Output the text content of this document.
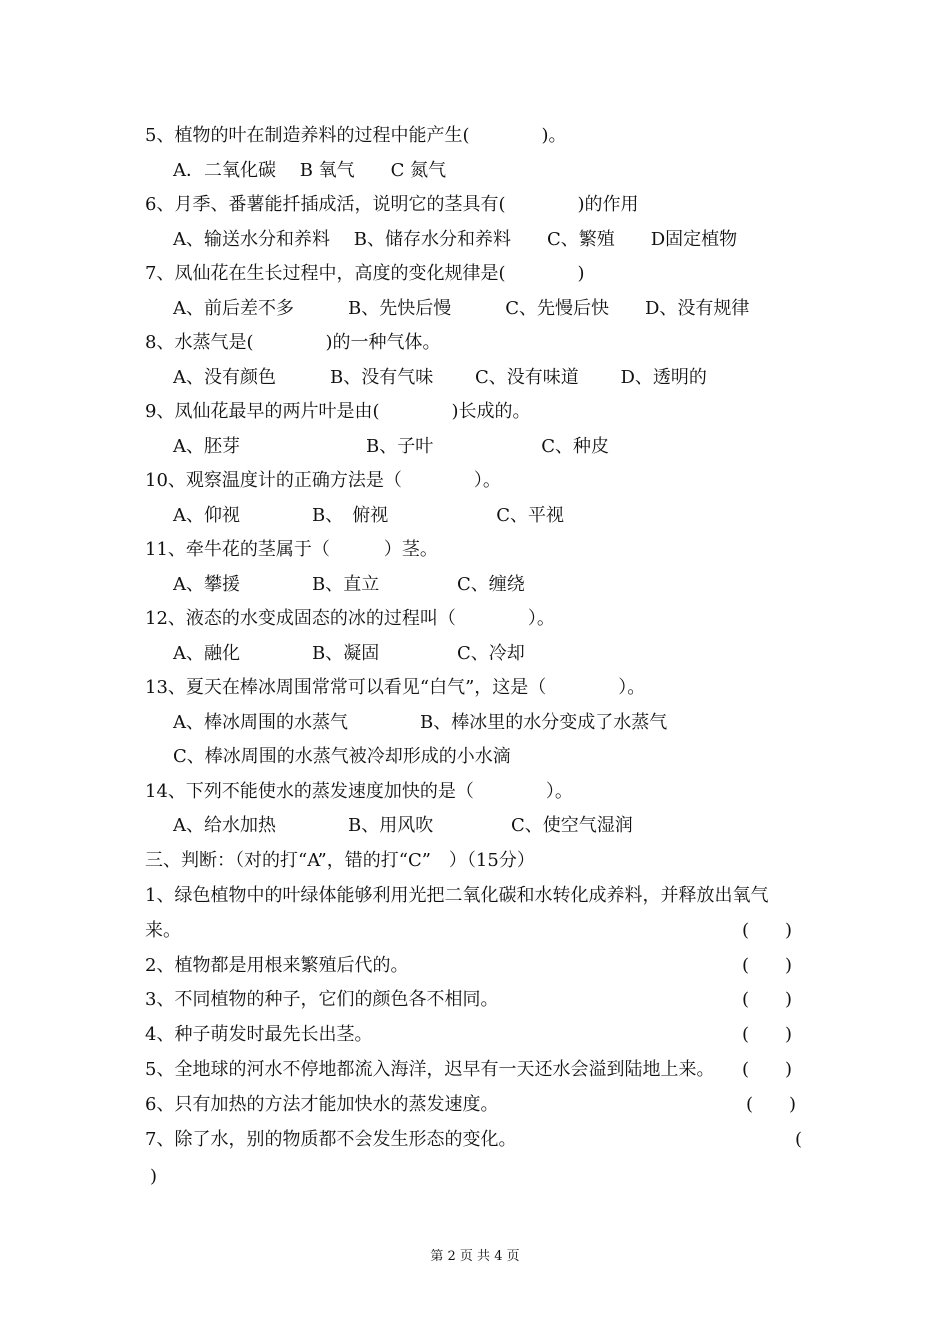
5、植物的叶在制造养料的过程中能产生(　　　　)。
A．二氧化碳　 B 氧气　　C 氮气
6、月季、番薯能扦插成活，说明它的茎具有(　　　　)的作用
A、输送水分和养料　 B、储存水分和养料　　C、繁殖　　D固定植物
7、凤仙花在生长过程中，高度的变化规律是(　　　　)
A、前后差不多　　　B、先快后慢　　　C、先慢后快　　D、没有规律
8、水蒸气是(　　　　)的一种气体。
A、没有颜色　　　B、没有气味　　 C、没有味道　　 D、透明的
9、凤仙花最早的两片叶是由(　　　　)长成的。
A、胚芽　　　　　　　B、子叶　　　　　　C、种皮
10、观察温度计的正确方法是（　　　　）。
A、仰视　　　　B、　俯视　　　　　　C、平视
11、牵牛花的茎属于（　　　）茎。
A、攀援　　　　B、直立　　　　 C、缠绕
12、液态的水变成固态的冰的过程叫（　　　　）。
A、融化　　　　B、凝固　　　　 C、冷却
13、夏天在棒冰周围常常可以看见“白气”，这是（　　　　）。
A、棒冰周围的水蒸气　　　　B、棒冰里的水分变成了水蒸气
C、棒冰周围的水蒸气被冷却形成的小水滴
14、下列不能使水的蒸发速度加快的是（　　　　）。
A、给水加热　　　　B、用风吹　　　　 C、使空气湿润
三、判断：（对的打“A”，错的打“C”　）（15分）
1、绿色植物中的叶绿体能够利用光把二氧化碳和水转化成养料，并释放出氧气
来。	(　　)
2、植物都是用根来繁殖后代的。	(　　)
3、不同植物的种子，它们的颜色各不相同。	(　　)
4、种子萌发时最先长出茎。	(　　)
5、全地球的河水不停地都流入海洋，迟早有一天还水会溢到陆地上来。 (　　)
6、只有加热的方法才能加快水的蒸发速度。	(　　)
7、除了水，别的物质都不会发生形态的变化。	(
)
第 2 页 共 4 页
